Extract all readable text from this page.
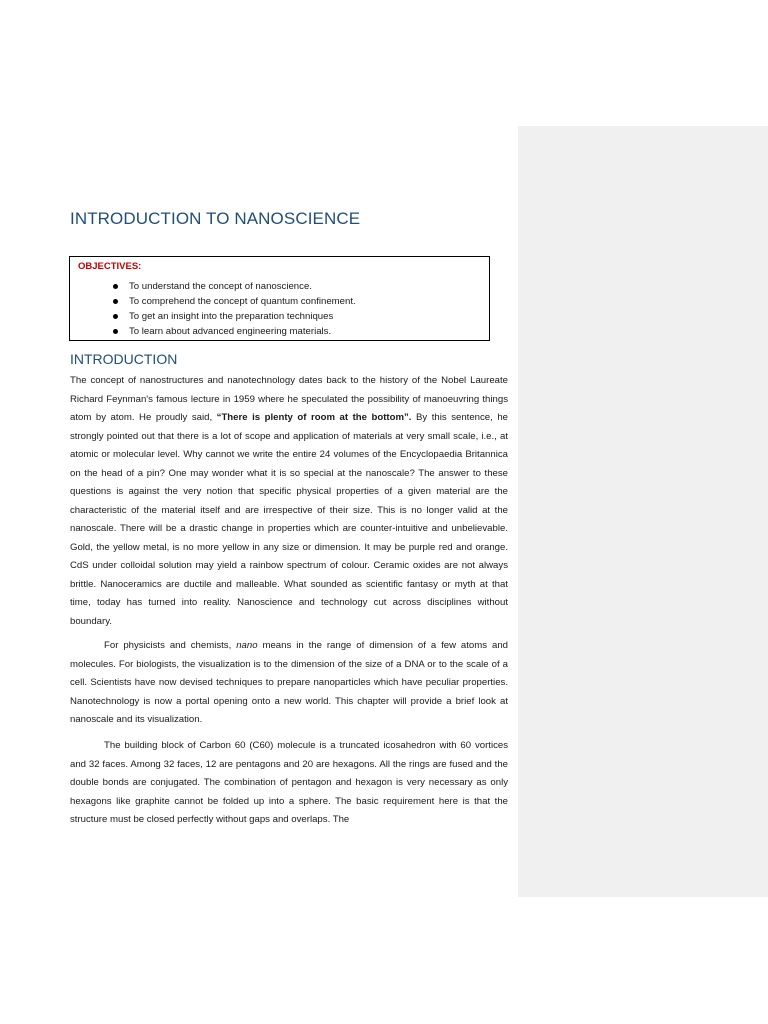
INTRODUCTION TO NANOSCIENCE
OBJECTIVES:
To understand the concept of nanoscience.
To comprehend the concept of quantum confinement.
To get an insight into the preparation techniques
To learn about advanced engineering materials.
INTRODUCTION

The concept of nanostructures and nanotechnology dates back to the history of the Nobel Laureate Richard Feynman's famous lecture in 1959 where he speculated the possibility of manoeuvring things atom by atom. He proudly said, “There is plenty of room at the bottom”. By this sentence, he strongly pointed out that there is a lot of scope and application of materials at very small scale, i.e., at atomic or molecular level. Why cannot we write the entire 24 volumes of the Encyclopaedia Britannica on the head of a pin? One may wonder what it is so special at the nanoscale? The answer to these questions is against the very notion that specific physical properties of a given material are the characteristic of the material itself and are irrespective of their size. This is no longer valid at the nanoscale. There will be a drastic change in properties which are counter-intuitive and unbelievable. Gold, the yellow metal, is no more yellow in any size or dimension. It may be purple red and orange. CdS under colloidal solution may yield a rainbow spectrum of colour. Ceramic oxides are not always brittle. Nanoceramics are ductile and malleable. What sounded as scientific fantasy or myth at that time, today has turned into reality. Nanoscience and technology cut across disciplines without boundary.

For physicists and chemists, nano means in the range of dimension of a few atoms and molecules. For biologists, the visualization is to the dimension of the size of a DNA or to the scale of a cell. Scientists have now devised techniques to prepare nanoparticles which have peculiar properties. Nanotechnology is now a portal opening onto a new world. This chapter will provide a brief look at nanoscale and its visualization.

The building block of Carbon 60 (C60) molecule is a truncated icosahedron with 60 vortices and 32 faces. Among 32 faces, 12 are pentagons and 20 are hexagons. All the rings are fused and the double bonds are conjugated. The combination of pentagon and hexagon is very necessary as only hexagons like graphite cannot be folded up into a sphere. The basic requirement here is that the structure must be closed perfectly without gaps and overlaps. The
